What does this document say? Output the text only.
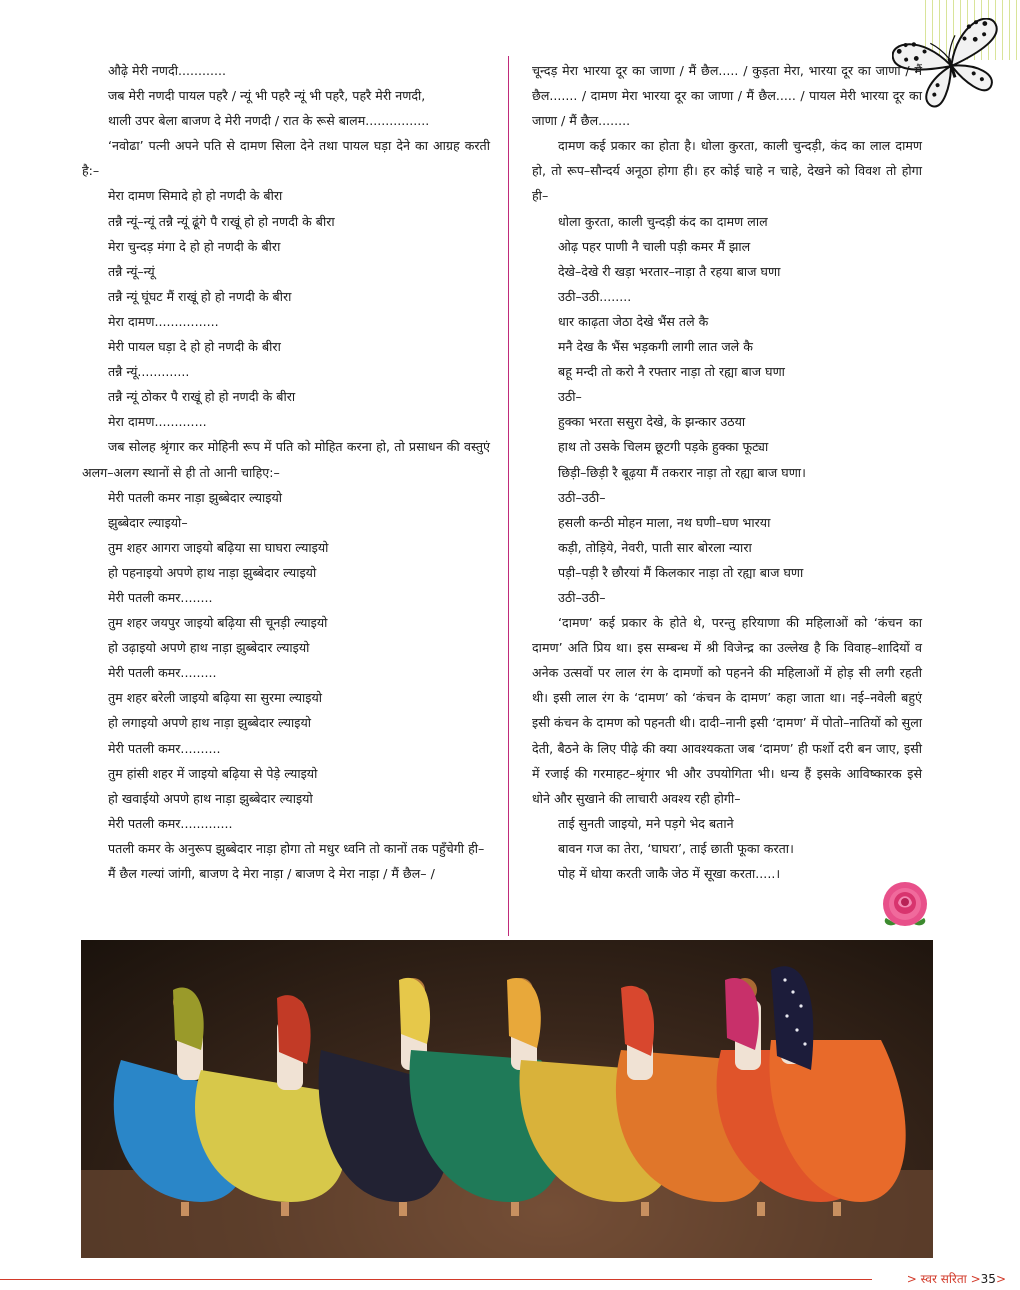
औढ़े मेरी नणदी............

जब मेरी नणदी पायल पहरै / न्यूं भी पहरै न्यूं भी पहरै, पहरै मेरी नणदी,

थाली उपर बेला बाजण दे मेरी नणदी / रात के रूसे बालम................

‘नवोढा’ पत्नी अपने पति से दामण सिला देने तथा पायल घड़ा देने का आग्रह करती है:–

मेरा दामण सिमादे हो हो नणदी के बीरा

तन्नै न्यूं–न्यूं तन्नै न्यूं ढूंगे पै राखूं हो हो नणदी के बीरा

मेरा चुन्दड़ मंगा दे हो हो नणदी के बीरा

तन्नै न्यूं–न्यूं

तन्नै न्यूं घूंघट मैं राखूं हो हो नणदी के बीरा

मेरा दामण................

मेरी पायल घड़ा दे हो हो नणदी के बीरा

तन्नै न्यूं.............

तन्नै न्यूं ठोकर पै राखूं हो हो नणदी के बीरा

मेरा दामण.............

जब सोलह श्रृंगार कर मोहिनी रूप में पति को मोहित करना हो, तो प्रसाधन की वस्तुएं अलग–अलग स्थानों से ही तो आनी चाहिए:–

मेरी पतली कमर नाड़ा झुब्बेदार ल्याइयो

झुब्बेदार ल्याइयो–

तुम शहर आगरा जाइयो बढ़िया सा घाघरा ल्याइयो

हो पहनाइयो अपणे हाथ नाड़ा झुब्बेदार ल्याइयो

मेरी पतली कमर........

तुम शहर जयपुर जाइयो बढ़िया सी चूनड़ी ल्याइयो

हो उढ़ाइयो अपणे हाथ नाड़ा झुब्बेदार ल्याइयो

मेरी पतली कमर.........

तुम शहर बरेली जाइयो बढ़िया सा सुरमा ल्याइयो

हो लगाइयो अपणे हाथ नाड़ा झुब्बेदार ल्याइयो

मेरी पतली कमर..........

तुम हांसी शहर में जाइयो बढ़िया से पेड़े ल्याइयो

हो खवाईयो अपणे हाथ नाड़ा झुब्बेदार ल्याइयो

मेरी पतली कमर.............

पतली कमर के अनुरूप झुब्बेदार नाड़ा होगा तो मधुर ध्वनि तो कानों तक पहुँचेगी ही–

मैं छैल गल्यां जांगी, बाजण दे मेरा नाड़ा / बाजण दे मेरा नाड़ा / मैं छैल– /

चून्दड़ मेरा भारया दूर का जाणा / मैं छैल..... / कुड़ता मेरा, भारया दूर का जाणा / मैं छैल....... / दामण मेरा भारया दूर का जाणा / मैं छैल..... / पायल मेरी भारया दूर का जाणा / मैं छैल........

दामण कई प्रकार का होता है। धोला कुरता, काली चुन्दड़ी, कंद का लाल दामण हो, तो रूप–सौन्दर्य अनूठा होगा ही। हर कोई चाहे न चाहे, देखने को विवश तो होगा ही–

धोला कुरता, काली चुन्दड़ी कंद का दामण लाल

ओढ़ पहर पाणी नै चाली पड़ी कमर मैं झाल

देखे–देखे री खड़ा भरतार–नाड़ा तै रहया बाज घणा

उठी–उठी........

धार काढ़ता जेठा देखे भैंस तले कै

मनै देख कै भैंस भड़कगी लागी लात जले कै

बहू मन्दी तो करो नै रफ्तार नाड़ा तो रह्या बाज घणा

उठी–

हुक्का भरता ससुरा देखे, के झन्कार उठया

हाथ तो उसके चिलम छूटगी पड़के हुक्का फूट्या

छिड़ी–छिड़ी रै बूढ़या मैं तकरार नाड़ा तो रह्या बाज घणा।

उठी–उठी–

हसली कन्ठी मोहन माला, नथ घणी–घण भारया

कड़ी, तोड़िये, नेवरी, पाती सार बोरला न्यारा

पड़ी–पड़ी रै छौरयां मैं किलकार नाड़ा तो रह्या बाज घणा

उठी–उठी–

‘दामण’ कई प्रकार के होते थे, परन्तु हरियाणा की महिलाओं को ‘कंचन का दामण’ अति प्रिय था। इस सम्बन्ध में श्री विजेन्द्र का उल्लेख है कि विवाह–शादियों व अनेक उत्सवों पर लाल रंग के दामणों को पहनने की महिलाओं में होड़ सी लगी रहती थी। इसी लाल रंग के ‘दामण’ को ‘कंचन के दामण’ कहा जाता था। नई–नवेली बहुएं इसी कंचन के दामण को पहनती थी। दादी–नानी इसी ‘दामण’ में पोतो–नातियों को सुला देती, बैठने के लिए पीढ़े की क्या आवश्यकता जब ‘दामण’ ही फर्शो दरी बन जाए, इसी में रजाई की गरमाहट–श्रृंगार भी और उपयोगिता भी। धन्य हैं इसके आविष्कारक इसे धोने और सुखाने की लाचारी अवश्य रही होगी–

ताई सुनती जाइयो, मने पड़गे भेद बताने

बावन गज का तेरा, ‘घाघरा’, ताई छाती फूका करता।

पोह में धोया करती जाकै जेठ में सूखा करता.....।

> स्वर सरिता >35>
